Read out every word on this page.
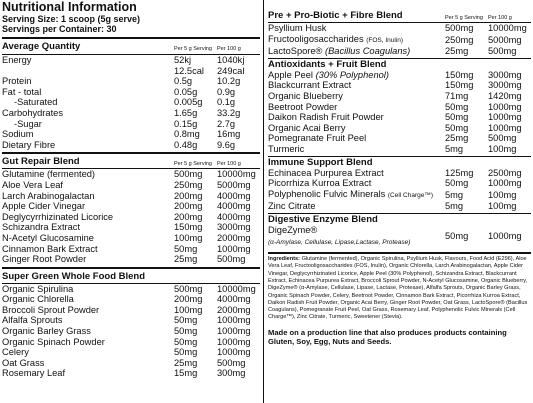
Nutritional Information
Serving Size: 1 scoop (5g serve)
Servings per Container: 30
Average Quantity	Per 5 g Serving Per 100 g
Energy	52kj	1040kj
12.5cal	249cal
Protein	0.5g	10.2g
Fat - total	0.05g	0.9g
-Saturated	0.005g	0.1g
Carbohydrates	1.65g	33.2g
-Sugar	0.15g	2.7g
Sodium	0.8mg	16mg
Dietary Fibre	0.48g	9.6g
Gut Repair Blend	Per 5 g Serving Per 100 g
Glutamine (fermented)	500mg	10000mg
Aloe Vera Leaf	250mg	5000mg
Larch Arabinogalactan	200mg	4000mg
Apple Cider Vinegar	200mg	4000mg
Deglycyrrhizinated Licorice	200mg	4000mg
Schizandra Extract	150mg	3000mg
N-Acetyl Glucosamine	100mg	2000mg
Cinnamon Bark Extract	50mg	1000mg
Ginger Root Powder	25mg	500mg
Super Green Whole Food Blend
Organic Spirulina	500mg	10000mg
Organic Chlorella	200mg	4000mg
Broccoli Sprout Powder	100mg	2000mg
Alfalfa Sprouts	50mg	1000mg
Organic Barley Grass	50mg	1000mg
Organic Spinach Powder	50mg	1000mg
Celery	50mg	1000mg
Oat Grass	25mg	500mg
Rosemary Leaf	15mg	300mg
Pre + Pro-Biotic + Fibre Blend	Per 5 g Serving Per 100 g
Psyllium Husk	500mg	10000mg
Fructooligosaccharides (FOS, Inulin)	250mg	5000mg
LactoSpore® (Bacillus Coagulans)	25mg	500mg
Antioxidants + Fruit Blend
Apple Peel (30% Polyphenol)	150mg	3000mg
Blackcurrant Extract	150mg	3000mg
Organic Blueberry	71mg	1420mg
Beetroot Powder	50mg	1000mg
Daikon Radish Fruit Powder	50mg	1000mg
Organic Acai Berry	50mg	1000mg
Pomegranate Fruit Peel	25mg	500mg
Turmeric	5mg	100mg
Immune Support Blend
Echinacea Purpurea Extract	125mg	2500mg
Picorrhiza Kurroa Extract	50mg	1000mg
Polyphenolic Fulvic Minerals (Cell Charge™)	5mg	100mg
Zinc Citrate	5mg	100mg
Digestive Enzyme Blend
DigeZyme®
(α-Amylase, Cellulase, Lipase,Lactase, Protease)
50mg	1000mg
Ingredients: Glutamine (fermented), Organic Spirulina, Psyllium Husk, Flavours, Food Acid (E296), Aloe Vera Leaf, Fructooligosaccharides (FOS, Inulin), Organic Chlorella, Larch Arabinogalactan, Apple Cider Vinegar, Deglycyrrhizinated Licorice, Apple Peel (30% Polyphenol), Schizandra Extract, Blackcurrant Extract, Echinacea Purpurea Extract, Broccoli Sprout Powder, N-Acetyl Glucosamine, Organic Blueberry, DigeZyme® (α-Amylase, Cellulase, Lipase, Lactase, Protease), Alfalfa Sprouts, Organic Barley Grass, Organic Spinach Powder, Celery, Beetroot Powder, Cinnamon Bark Extract, Picorrhiza Kurroa Extract, Daikon Radish Fruit Powder, Organic Acai Berry, Ginger Root Powder, Oat Grass, LactoSpore® (Bacillus Coagulans), Pomegranate Fruit Peel, Oat Grass, Rosemary Leaf, Polyphenolic Fulvic Minerals (Cell Charge™), Zinc Citrate, Turmeric, Sweetener (Stevia).
Made on a production line that also produces products containing Gluten, Soy, Egg, Nuts and Seeds.
